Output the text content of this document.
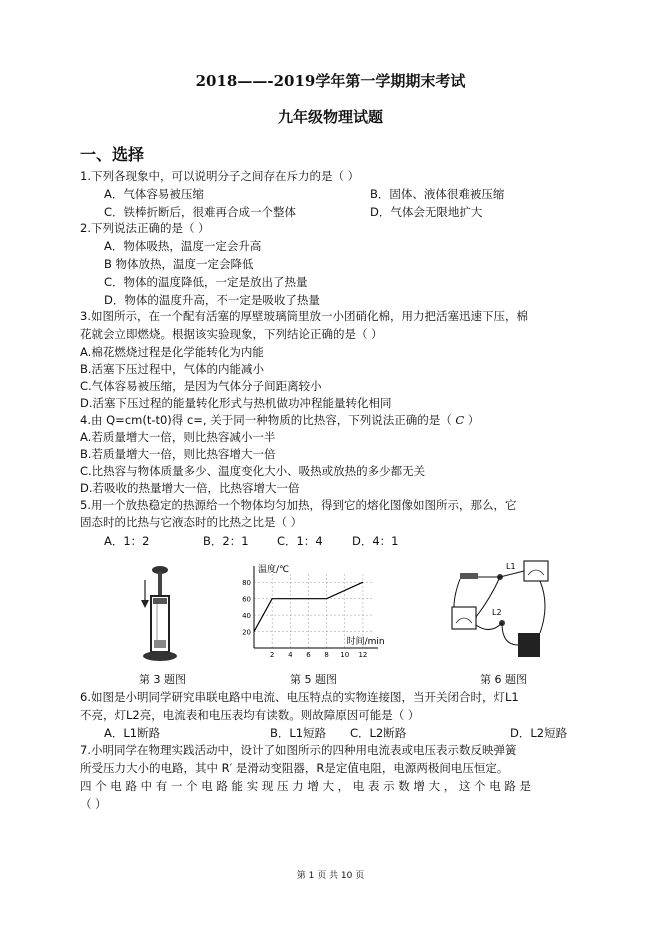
2018——-2019学年第一学期期末考试
九年级物理试题
一、选择
1.下列各现象中，可以说明分子之间存在斥力的是（ ）
A．气体容易被压缩	B．固体、液体很难被压缩
C．铁棒折断后，很难再合成一个整体	D．气体会无限地扩大
2.下列说法正确的是（ ）
A．物体吸热，温度一定会升高
B 物体放热，温度一定会降低
C．物体的温度降低，一定是放出了热量
D．物体的温度升高，不一定是吸收了热量
3.如图所示，在一个配有活塞的厚壁玻璃筒里放一小团硝化棉，用力把活塞迅速下压，棉
花就会立即燃烧。根据该实验现象，下列结论正确的是（ ）
A.棉花燃烧过程是化学能转化为内能
B.活塞下压过程中，气体的内能减小
C.气体容易被压缩，是因为气体分子间距离较小
D.活塞下压过程的能量转化形式与热机做功冲程能量转化相同
4.由 Q=cm(t-t0)得 c=, 关于同一种物质的比热容，下列说法正确的是（ C ）
A.若质量增大一倍，则比热容减小一半
B.若质量增大一倍，则比热容增大一倍
C.比热容与物体质量多少、温度变化大小、吸热或放热的多少都无关
D.若吸收的热量增大一倍，比热容增大一倍
5.用一个放热稳定的热源给一个物体均匀加热，得到它的熔化图像如图所示，那么，它
固态时的比热与它液态时的比热之比是（ ）
A．1：2	B．2：1 C．1：4	D．4：1
第 3 题图
2 4 6 8 10 12
20
40
60
80
温度/℃
时间/min
第 5 题图
L1
L2
第 6 题图
6.如图是小明同学研究串联电路中电流、电压特点的实物连接图，当开关闭合时，灯L1
不亮，灯L2亮，电流表和电压表均有读数。则故障原因可能是（ ）
A．L1断路	B．L1短路 C．L2断路	D．L2短路
7.小明同学在物理实践活动中，设计了如图所示的四种用电流表或电压表示数反映弹簧
所受压力大小的电路，其中 R′ 是滑动变阻器，R是定值电阻，电源两极间电压恒定。
四 个 电 路 中 有 一 个 电 路 能 实 现 压 力 增 大 ， 电 表 示 数 增 大 ， 这 个 电 路 是
（ ）
第 1 页 共 10 页
